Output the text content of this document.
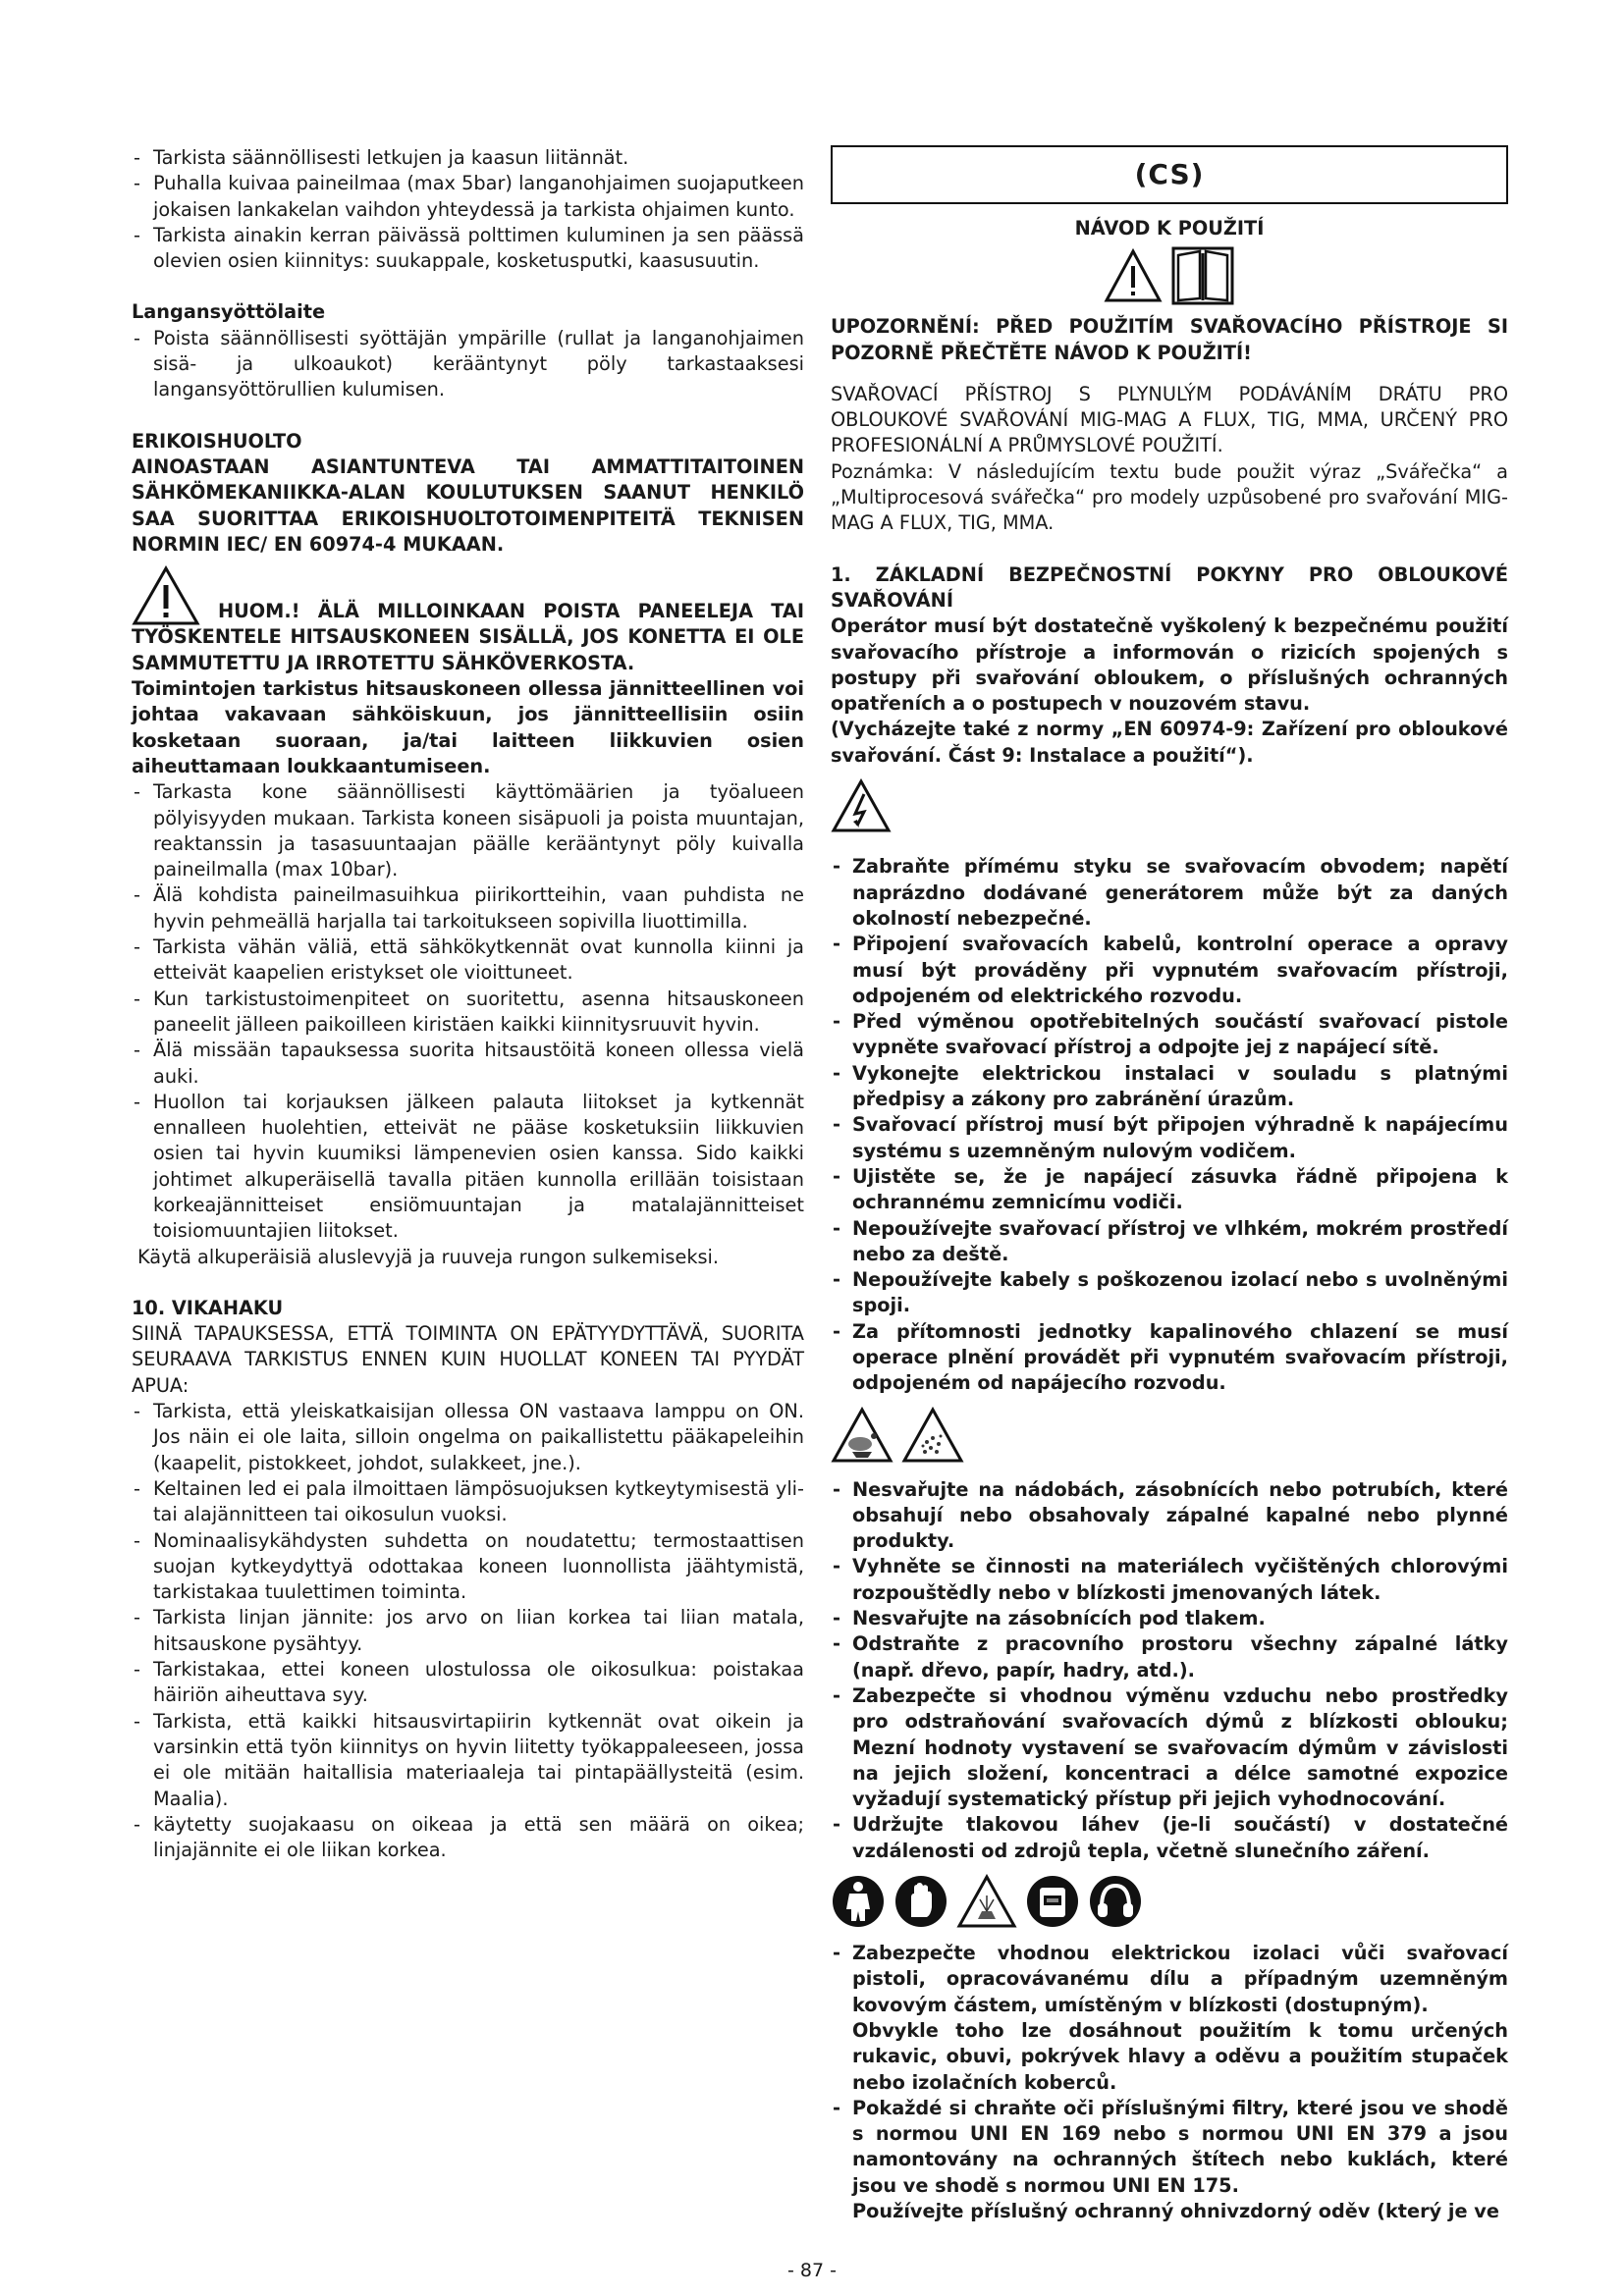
- Tarkista säännöllisesti letkujen ja kaasun liitännät.
- Puhalla kuivaa paineilmaa (max 5bar) langanohjaimen suojaputkeen jokaisen lankakelan vaihdon yhteydessä ja tarkista ohjaimen kunto.
- Tarkista ainakin kerran päivässä polttimen kuluminen ja sen päässä olevien osien kiinnitys: suukappale, kosketusputki, kaasusuutin.

Langansyöttölaite

- Poista säännöllisesti syöttäjän ympärille (rullat ja langanohjaimen sisä- ja ulkoaukot) kerääntynyt pöly tarkastaaksesi langansyöttörullien kulumisen.

ERIKOISHUOLTO

AINOASTAAN ASIANTUNTEVA TAI AMMATTITAITOINEN SÄHKÖMEKANIIKKA-ALAN KOULUTUKSEN SAANUT HENKILÖ SAA SUORITTAA ERIKOISHUOLTOTOIMENPITEITÄ TEKNISEN NORMIN IEC/ EN 60974-4 MUKAAN.

HUOM.! ÄLÄ MILLOINKAAN POISTA PANEELEJA TAI TYÖSKENTELE HITSAUSKONEEN SISÄLLÄ, JOS KONETTA EI OLE SAMMUTETTU JA IRROTETTU SÄHKÖVERKOSTA.

Toimintojen tarkistus hitsauskoneen ollessa jännitteellinen voi johtaa vakavaan sähköiskuun, jos jännitteellisiin osiin kosketaan suoraan, ja/tai laitteen liikkuvien osien aiheuttamaan loukkaantumiseen.

- Tarkasta kone säännöllisesti käyttömäärien ja työalueen pölyisyyden mukaan. Tarkista koneen sisäpuoli ja poista muuntajan, reaktanssin ja tasasuuntaajan päälle kerääntynyt pöly kuivalla paineilmalla (max 10bar).
- Älä kohdista paineilmasuihkua piirikortteihin, vaan puhdista ne hyvin pehmeällä harjalla tai tarkoitukseen sopivilla liuottimilla.
- Tarkista vähän väliä, että sähkökytkennät ovat kunnolla kiinni ja etteivät kaapelien eristykset ole vioittuneet.
- Kun tarkistustoimenpiteet on suoritettu, asenna hitsauskoneen paneelit jälleen paikoilleen kiristäen kaikki kiinnitysruuvit hyvin.
- Älä missään tapauksessa suorita hitsaustöitä koneen ollessa vielä auki.
- Huollon tai korjauksen jälkeen palauta liitokset ja kytkennät ennalleen huolehtien, etteivät ne pääse kosketuksiin liikkuvien osien tai hyvin kuumiksi lämpenevien osien kanssa. Sido kaikki johtimet alkuperäisellä tavalla pitäen kunnolla erillään toisistaan korkeajännitteiset ensiömuuntajan ja matalajännitteiset toisiomuuntajien liitokset.

Käytä alkuperäisiä aluslevyjä ja ruuveja rungon sulkemiseksi.

10. VIKAHAKU

SIINÄ TAPAUKSESSA, ETTÄ TOIMINTA ON EPÄTYYDYTTÄVÄ, SUORITA SEURAAVA TARKISTUS ENNEN KUIN HUOLLAT KONEEN TAI PYYDÄT APUA:

- Tarkista, että yleiskatkaisijan ollessa ON vastaava lamppu on ON. Jos näin ei ole laita, silloin ongelma on paikallistettu pääkapeleihin (kaapelit, pistokkeet, johdot, sulakkeet, jne.).
- Keltainen led ei pala ilmoittaen lämpösuojuksen kytkeytymisestä yli- tai alajännitteen tai oikosulun vuoksi.
- Nominaalisykähdysten suhdetta on noudatettu; termostaattisen suojan kytkeydyttyä odottakaa koneen luonnollista jäähtymistä, tarkistakaa tuulettimen toiminta.
- Tarkista linjan jännite: jos arvo on liian korkea tai liian matala, hitsauskone pysähtyy.
- Tarkistakaa, ettei koneen ulostulossa ole oikosulkua: poistakaa häiriön aiheuttava syy.
- Tarkista, että kaikki hitsausvirtapiirin kytkennät ovat oikein ja varsinkin että työn kiinnitys on hyvin liitetty työkappaleeseen, jossa ei ole mitään haitallisia materiaaleja tai pintapäällysteitä (esim. Maalia).
- käytetty suojakaasu on oikeaa ja että sen määrä on oikea; linjajännite ei ole liikan korkea.
(CS)

NÁVOD K POUŽITÍ

UPOZORNĚNÍ: PŘED POUŽITÍM SVAŘOVACÍHO PŘÍSTROJE SI POZORNĚ PŘEČTĚTE NÁVOD K POUŽITÍ!

SVAŘOVACÍ PŘÍSTROJ S PLYNULÝM PODÁVÁNÍM DRÁTU PRO OBLOUKOVÉ SVAŘOVÁNÍ MIG-MAG A FLUX, TIG, MMA, URČENÝ PRO PROFESIONÁLNÍ A PRŮMYSLOVÉ POUŽITÍ.

Poznámka: V následujícím textu bude použit výraz „Svářečka“ a „Multiprocesová svářečka“ pro modely uzpůsobené pro svařování MIG-MAG A FLUX, TIG, MMA.

1. ZÁKLADNÍ BEZPEČNOSTNÍ POKYNY PRO OBLOUKOVÉ SVAŘOVÁNÍ

Operátor musí být dostatečně vyškolený k bezpečnému použití svařovacího přístroje a informován o rizicích spojených s postupy při svařování obloukem, o příslušných ochranných opatřeních a o postupech v nouzovém stavu.

(Vycházejte také z normy „EN 60974-9: Zařízení pro obloukové svařování. Část 9: Instalace a použití“).

- Zabraňte přímému styku se svařovacím obvodem; napětí naprázdno dodávané generátorem může být za daných okolností nebezpečné.
- Připojení svařovacích kabelů, kontrolní operace a opravy musí být prováděny při vypnutém svařovacím přístroji, odpojeném od elektrického rozvodu.
- Před výměnou opotřebitelných součástí svařovací pistole vypněte svařovací přístroj a odpojte jej z napájecí sítě.
- Vykonejte elektrickou instalaci v souladu s platnými předpisy a zákony pro zabránění úrazům.
- Svařovací přístroj musí být připojen výhradně k napájecímu systému s uzemněným nulovým vodičem.
- Ujistěte se, že je napájecí zásuvka řádně připojena k ochrannému zemnicímu vodiči.
- Nepoužívejte svařovací přístroj ve vlhkém, mokrém prostředí nebo za deště.
- Nepoužívejte kabely s poškozenou izolací nebo s uvolněnými spoji.
- Za přítomnosti jednotky kapalinového chlazení se musí operace plnění provádět při vypnutém svařovacím přístroji, odpojeném od napájecího rozvodu.
- Nesvařujte na nádobách, zásobnících nebo potrubích, které obsahují nebo obsahovaly zápalné kapalné nebo plynné produkty.
- Vyhněte se činnosti na materiálech vyčištěných chlorovými rozpouštědly nebo v blízkosti jmenovaných látek.
- Nesvařujte na zásobnících pod tlakem.
- Odstraňte z pracovního prostoru všechny zápalné látky (např. dřevo, papír, hadry, atd.).
- Zabezpečte si vhodnou výměnu vzduchu nebo prostředky pro odstraňování svařovacích dýmů z blízkosti oblouku; Mezní hodnoty vystavení se svařovacím dýmům v závislosti na jejich složení, koncentraci a délce samotné expozice vyžadují systematický přístup při jejich vyhodnocování.
- Udržujte tlakovou láhev (je-li součástí) v dostatečné vzdálenosti od zdrojů tepla, včetně slunečního záření.
- Zabezpečte vhodnou elektrickou izolaci vůči svařovací pistoli, opracovávanému dílu a případným uzemněným kovovým částem, umístěným v blízkosti (dostupným).
Obvykle toho lze dosáhnout použitím k tomu určených rukavic, obuvi, pokrývek hlavy a oděvu a použitím stupaček nebo izolačních koberců.
- Pokaždé si chraňte oči příslušnými filtry, které jsou ve shodě s normou UNI EN 169 nebo s normou UNI EN 379 a jsou namontovány na ochranných štítech nebo kuklách, které jsou ve shodě s normou UNI EN 175.
Používejte příslušný ochranný ohnivzdorný oděv (který je ve
- 87 -
